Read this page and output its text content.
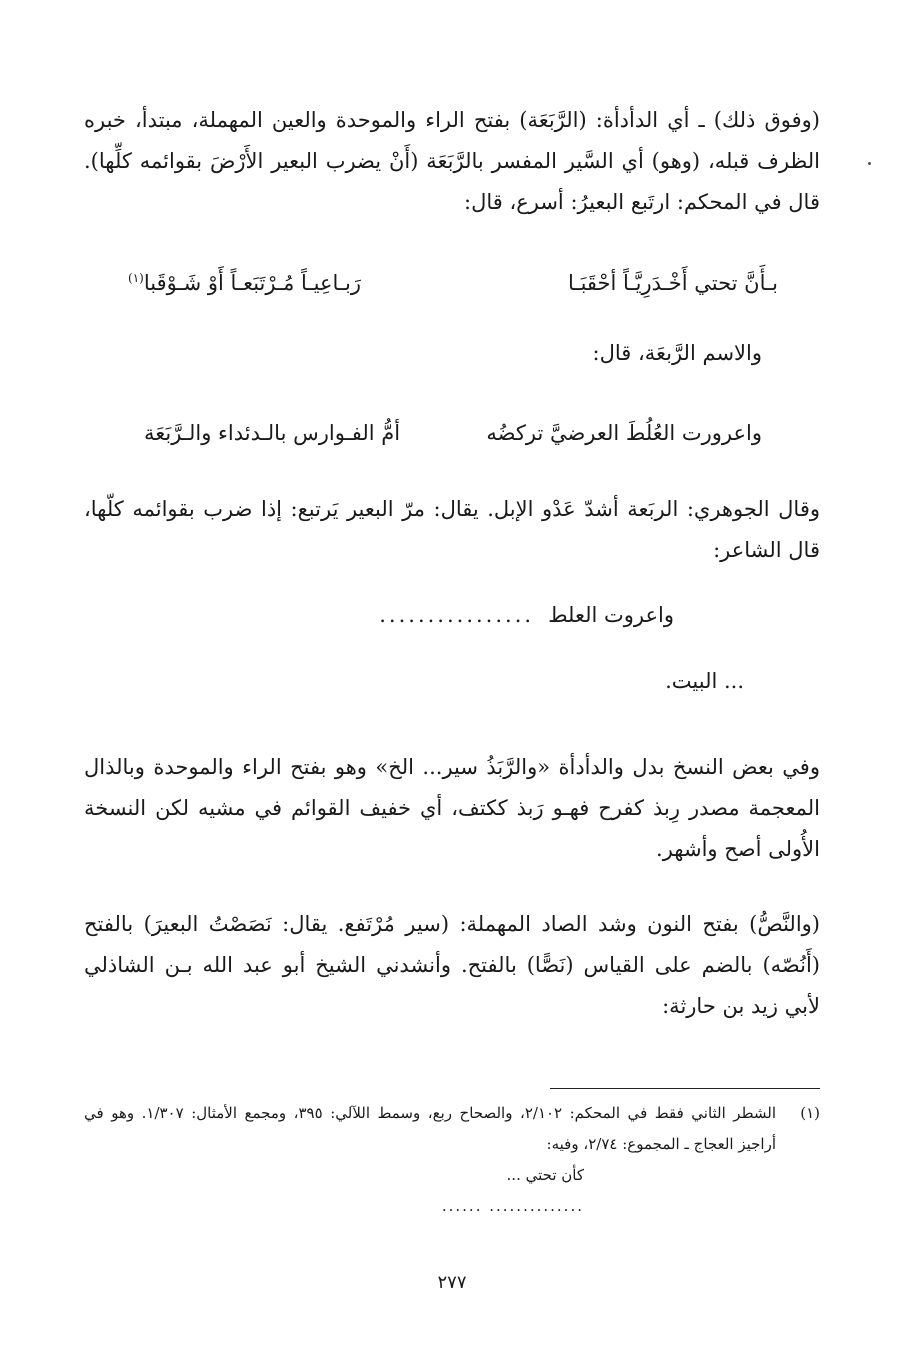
(وفوق ذلك) ـ أي الدأدأة: (الرَّبَعَة) بفتح الراء والموحدة والعين المهملة، مبتدأ، خبره الظرف قبله، (وهو) أي السَّير المفسر بالرَّبَعَة (أَنْ يضرب البعير الأَرْضَ بقوائمه كلِّها). قال في المحكم: ارتَبع البعيرُ: أسرع، قال:

بـأَنَّ تحتي أَخْـدَرِيَّـاً أحْقَبَـا
رَبـاعِيـاً مُـرْتَبَعـاً أَوْ شَـوْقَبا$^{(١)}$

والاسم الرَّبعَة، قال:

واعرورت العُلُطَ العرضيَّ تركضُه
أمُّ الفـوارس بالـدئداء والـرَّبَعَة

وقال الجوهري: الربَعة أشدّ عَدْو الإبل. يقال: مرّ البعير يَرتبع: إذا ضرب بقوائمه كلّها، قال الشاعر:

واعروت العلط
................

... البيت.

وفي بعض النسخ بدل والدأدأة «والرَّبَذُ سير... الخ» وهو بفتح الراء والموحدة وبالذال المعجمة مصدر رِبذ كفرح فهـو رَبذ ككتف، أي خفيف القوائم في مشيه لكن النسخة الأُولى أصح وأشهر.

(والنَّصُّ) بفتح النون وشد الصاد المهملة: (سير مُرْتَفع. يقال: نَصَصْتُ البعيرَ) بالفتح (أَنُصّه) بالضم على القياس (نَصًّا) بالفتح. وأنشدني الشيخ أبو عبد الله بـن الشاذلي لأبي زيد بن حارثة:

(١)
الشطر الثاني فقط في المحكم: ٢/١٠٢، والصحاح ربع، وسمط اللآلي: ٣٩٥، ومجمع الأمثال: ١/٣٠٧. وهو في أراجيز العجاج ـ المجموع: ٢/٧٤، وفيه:
كأن تحتي ...
.............. ......
٢٧٧
